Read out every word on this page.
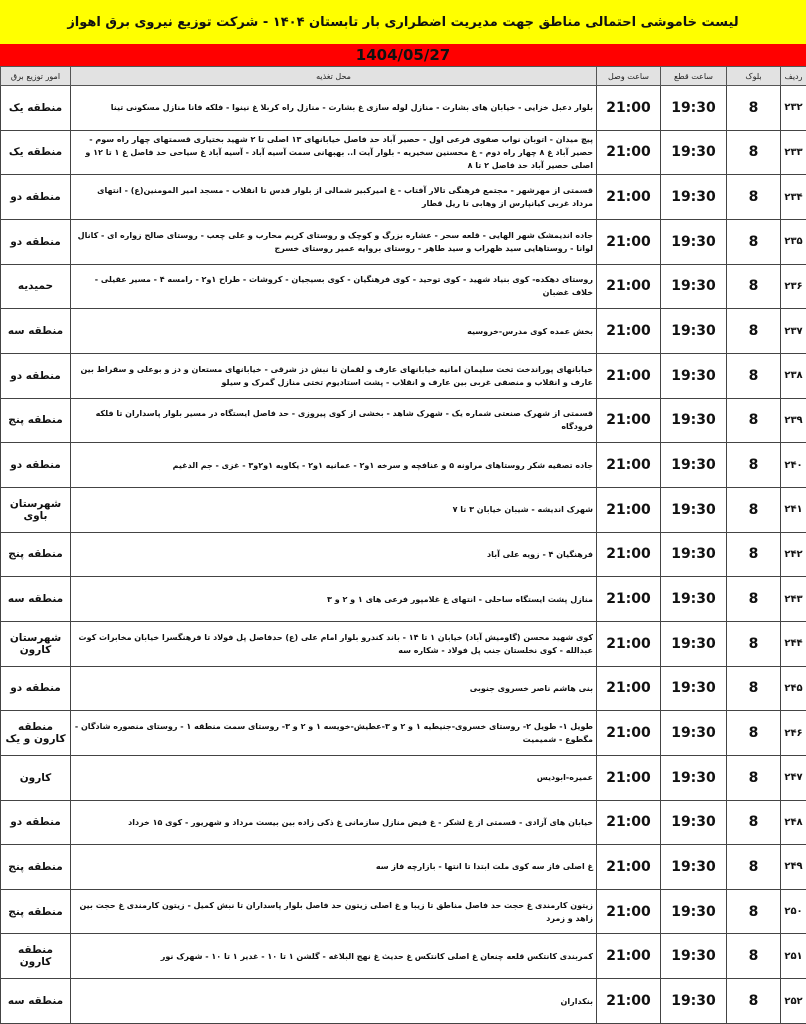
لیست خاموشی احتمالی مناطق جهت مدیریت اضطراری بار تابستان ۱۴۰۴ - شرکت توزیع نیروی برق اهواز
1404/05/27
ردیف	بلوک	ساعت قطع	ساعت وصل	محل تغذیه	امور توزیع برق
۲۳۲	8	19:30	21:00	بلوار دعبل خزایی - خیابان های بشارت - منازل لوله سازی غ بشارت - منازل راه کربلا غ نینوا - فلکه فانا منازل مسکونی تینا	منطقه یک
۲۳۳	8	19:30	21:00	پیچ میدان - اتوبان نواب صفوی فرعی اول - حصیر آباد حد فاصل خیابانهای ۱۳ اصلی تا ۲ شهید بختیاری قسمتهای چهار راه سوم - حصیر آباد غ ۸ چهار راه دوم - غ محسنین سخیریه - بلوار آیت ا.. بهبهانی سمت آسیه آباد - آسیه آباد غ سیاحی حد فاصل غ ۱ تا ۱۲ و اصلی حصیر آباد حد فاصل ۲ تا ۸	منطقه یک
۲۳۴	8	19:30	21:00	قسمتی از مهرشهر - مجتمع فرهنگی تالار آفتاب - غ امیرکبیر شمالی از بلوار قدس تا انقلاب - مسجد امیر المومنین(ع) - انتهای مرداد غربی کیانپارس از وهابی تا ریل قطار	منطقه دو
۲۳۵	8	19:30	21:00	جاده اندیمشک شهر الهایی - قلعه سحر - عشاره بزرگ و کوچک و روستای کریم محارب و علی چعب - روستای صالح زواره ای - کانال لوانا - روستاهایی سید ظهراب و سید طاهر - روستای بروایه عمیر روستای خسرج	منطقه دو
۲۳۶	8	19:30	21:00	روستای دهکده- کوی بنیاد شهید - کوی توحید - کوی فرهنگیان - کوی بسیجیان - کروشات - طراح ۱و۲ - رامسه ۴ - مسیر عقیلی - خلاف غضبان	حمیدیه
۲۳۷	8	19:30	21:00	بخش عمده کوی مدرس-خروسیه	منطقه سه
۲۳۸	8	19:30	21:00	خیابانهای پوراندخت تخت سلیمان امانیه خیابانهای عارف و لقمان تا نبش دز شرقی - خیابانهای مستعان و دز و بوعلی و سقراط بین عارف و انقلاب و منصفی غربی بین عارف و انقلاب - پشت استادیوم تختی منازل گمرک و سیلو	منطقه دو
۲۳۹	8	19:30	21:00	قسمتی از شهرک صنعتی شماره یک - شهرک شاهد - بخشی از کوی پیروزی - حد فاصل ایستگاه در مسیر بلوار پاسداران تا فلکه فرودگاه	منطقه پنج
۲۴۰	8	19:30	21:00	جاده تصفیه شکر روستاهای مراونه ۵ و عنافچه و سرخه ۱و۲ - عمانیه ۱و۲ - یکاویه ۱و۲و۳ - غزی - جم الدغیم	منطقه دو
۲۴۱	8	19:30	21:00	شهرک اندیشه - شیبان خیابان ۳ تا ۷	شهرستان باوی
۲۴۲	8	19:30	21:00	فرهنگیان ۴ - زویه علی آباد	منطقه پنج
۲۴۳	8	19:30	21:00	منازل پشت ایستگاه ساحلی - انتهای غ غلامپور فرعی های ۱ و ۲ و ۳	منطقه سه
۲۴۴	8	19:30	21:00	کوی شهید محسن (گاومیش آباد) خیابان ۱ تا ۱۴ - باند کندرو بلوار امام علی (ع) حدفاصل پل فولاد تا فرهنگسرا خیابان مخابرات کوت عبدالله - کوی نخلستان جنب پل فولاد - شکاره سه	شهرستان کارون
۲۴۵	8	19:30	21:00	بنی هاشم ناصر خسروی جنوبی	منطقه دو
۲۴۶	8	19:30	21:00	طویل ۱- طویل ۲- روستای خسروی-جنیطیه ۱ و ۲ و ۳-عطیش-خویسه ۱ و ۲ و ۳- روستای سمت منطقه ۱ - روستای منصوره شادگان - مگطوع - شمیمیت	منطقه کارون و یک
۲۴۷	8	19:30	21:00	عمیره-ابوديس	کارون
۲۴۸	8	19:30	21:00	خیابان های آزادی - قسمتی از غ لشکر - غ فیض منازل سازمانی غ ذکی زاده بین بیست مرداد و شهریور - کوی ۱۵ خرداد	منطقه دو
۲۴۹	8	19:30	21:00	غ اصلی فاز سه کوی ملت ابتدا تا انتها - بازارچه فاز سه	منطقه پنج
۲۵۰	8	19:30	21:00	زیتون کارمندی غ حجت حد فاصل مناطق تا زیبا و غ اصلی زیتون حد فاصل بلوار پاسداران تا نبش کمیل - زیتون کارمندی غ حجت بین زاهد و زمرد	منطقه پنج
۲۵۱	8	19:30	21:00	کمربندی کانتکس قلعه چنعان غ اصلی کانتکس غ حدیث غ نهج البلاغه - گلشن ۱ تا ۱۰ - غدیر ۱ تا ۱۰ - شهرک نور	منطقه کارون
۲۵۲	8	19:30	21:00	بنکداران	منطقه سه
